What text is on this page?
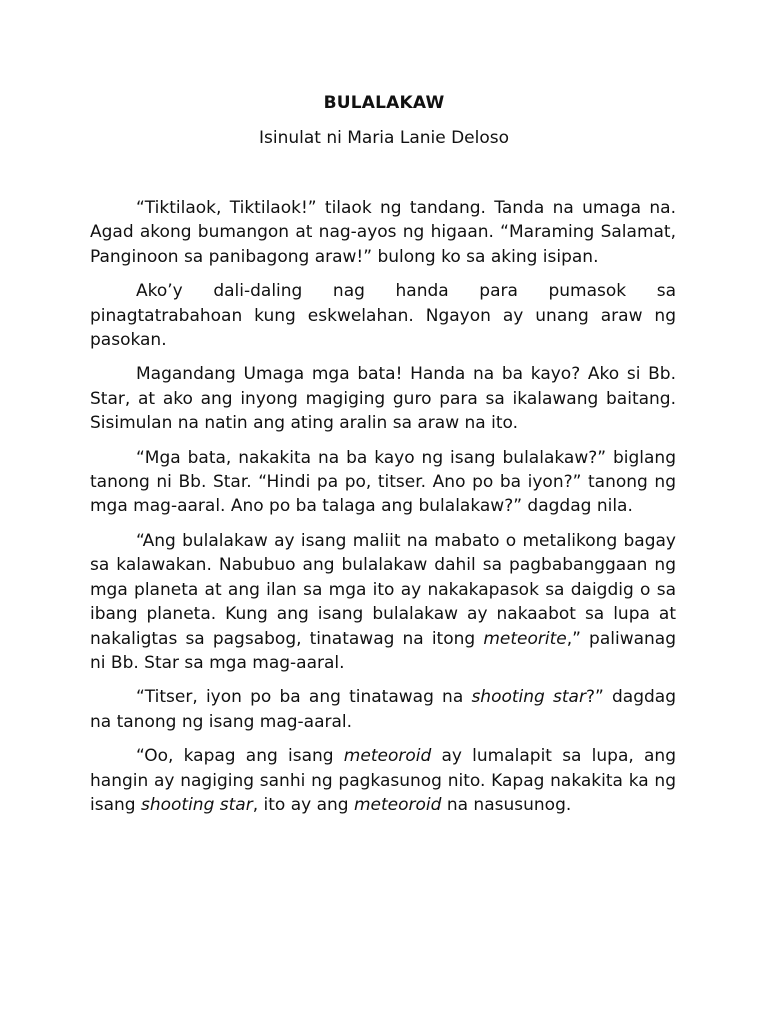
BULALAKAW
Isinulat ni Maria Lanie Deloso

“Tiktilaok, Tiktilaok!” tilaok ng tandang. Tanda na umaga na. Agad akong bumangon at nag-ayos ng higaan. “Maraming Salamat, Panginoon sa panibagong araw!” bulong ko sa aking isipan.

Ako’y dali-daling nag handa para pumasok sa pinagtatrabahoan kung eskwelahan. Ngayon ay unang araw ng pasokan.

Magandang Umaga mga bata! Handa na ba kayo? Ako si Bb. Star, at ako ang inyong magiging guro para sa ikalawang baitang. Sisimulan na natin ang ating aralin sa araw na ito.

“Mga bata, nakakita na ba kayo ng isang bulalakaw?” biglang tanong ni Bb. Star. “Hindi pa po, titser. Ano po ba iyon?” tanong ng mga mag-aaral. Ano po ba talaga ang bulalakaw?” dagdag nila.

“Ang bulalakaw ay isang maliit na mabato o metalikong bagay sa kalawakan. Nabubuo ang bulalakaw dahil sa pagbabanggaan ng mga planeta at ang ilan sa mga ito ay nakakapasok sa daigdig o sa ibang planeta. Kung ang isang bulalakaw ay nakaabot sa lupa at nakaligtas sa pagsabog, tinatawag na itong meteorite,” paliwanag ni Bb. Star sa mga mag-aaral.

“Titser, iyon po ba ang tinatawag na shooting star?” dagdag na tanong ng isang mag-aaral.

“Oo, kapag ang isang meteoroid ay lumalapit sa lupa, ang hangin ay nagiging sanhi ng pagkasunog nito. Kapag nakakita ka ng isang shooting star, ito ay ang meteoroid na nasusunog.
